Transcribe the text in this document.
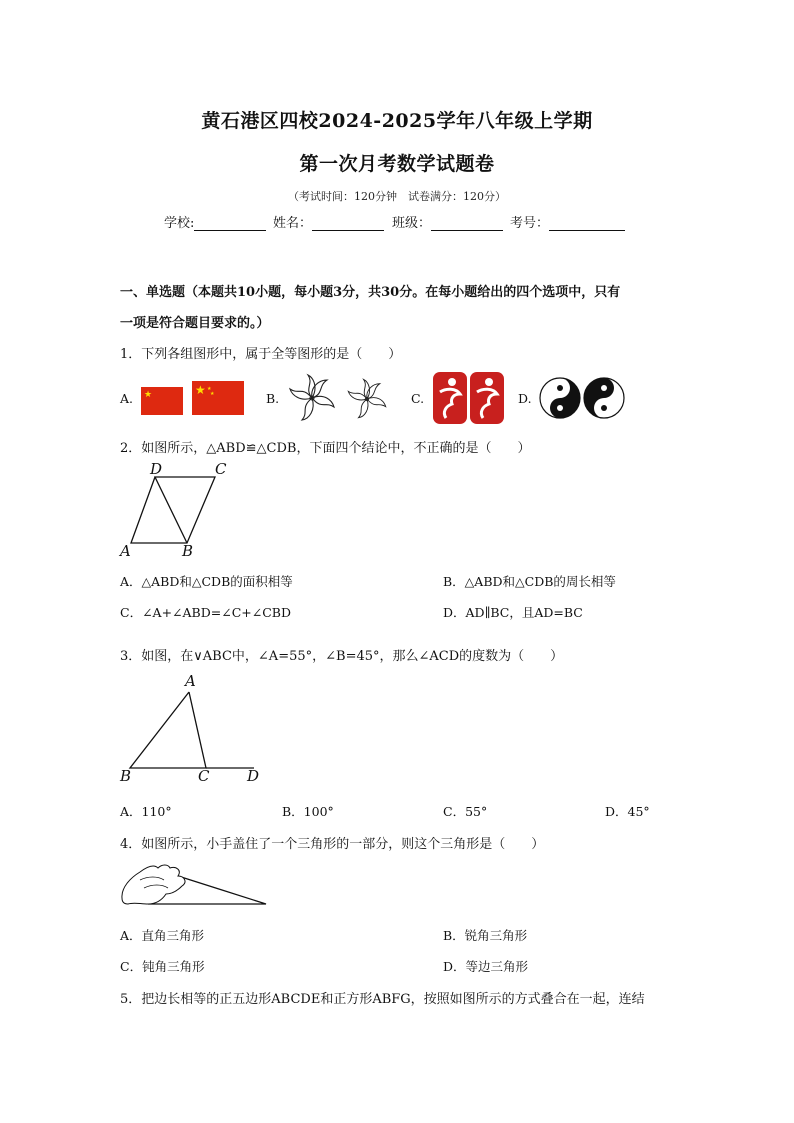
黄石港区四校2024-2025学年八年级上学期
第一次月考数学试题卷
（考试时间：120分钟　试卷满分：120分）
学校:	姓名：	班级：	考号：
一、单选题（本题共10小题，每小题3分，共30分。在每小题给出的四个选项中，只有
一项是符合题目要求的。）
1．下列各组图形中，属于全等图形的是（　　）
A. ★	★ ★
★	B.	C.	D.
2．如图所示，△ABD≌△CDB，下面四个结论中，不正确的是（　　）
D	C
A	B
A．△ABD和△CDB的面积相等	B．△ABD和△CDB的周长相等
C．∠A+∠ABD=∠C+∠CBD	D．AD∥BC，且AD=BC
3．如图，在∨ABC中，∠A=55°，∠B=45°，那么∠ACD的度数为（　　）
A
B	C	D
A．110°	B．100°	C．55°	D．45°
4．如图所示，小手盖住了一个三角形的一部分，则这个三角形是（　　）
A．直角三角形	B．锐角三角形
C．钝角三角形	D．等边三角形
5．把边长相等的正五边形ABCDE和正方形ABFG，按照如图所示的方式叠合在一起，连结
